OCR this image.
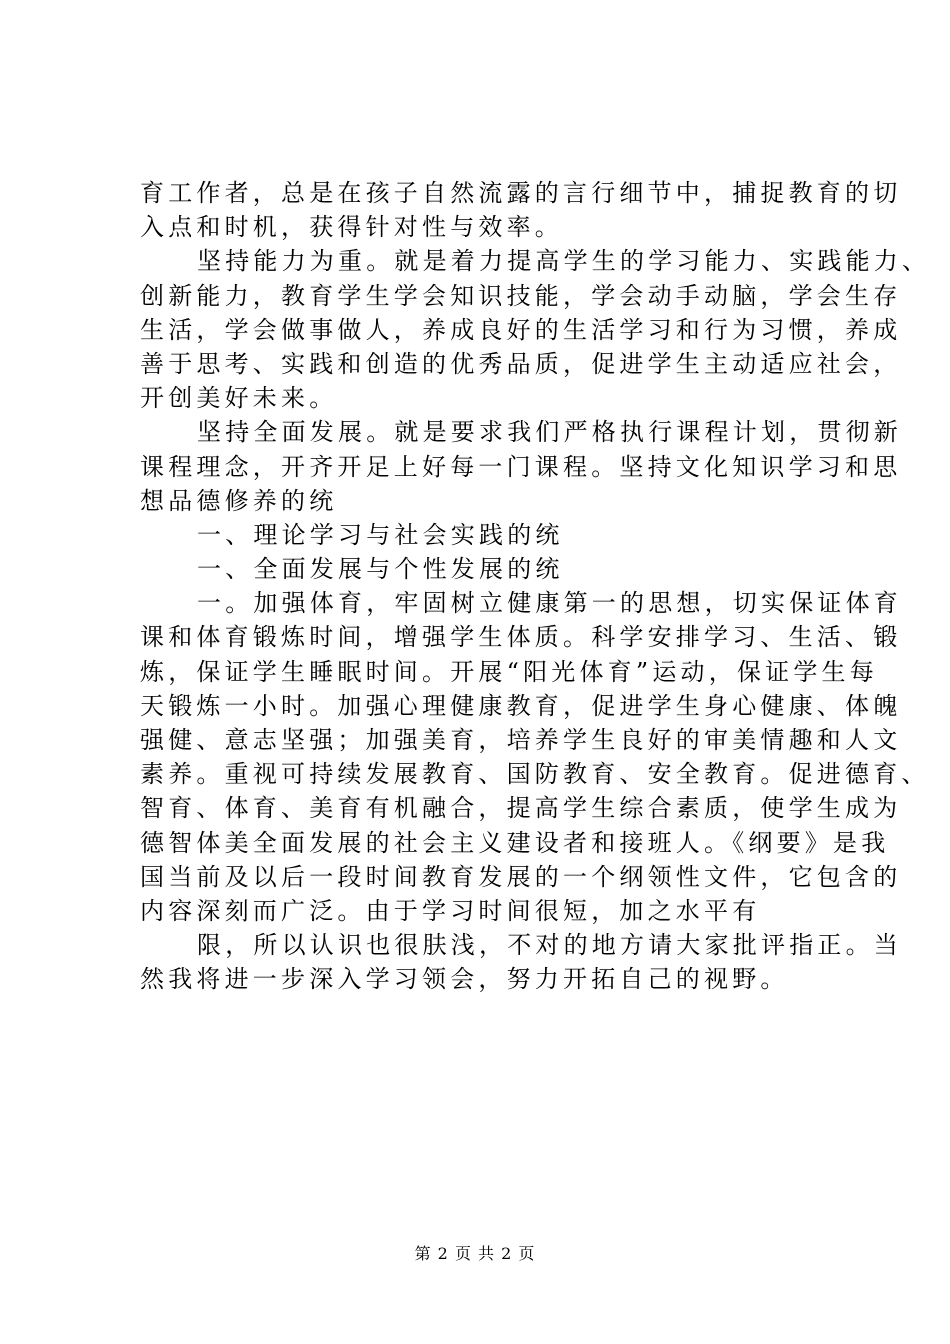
育工作者，总是在孩子自然流露的言行细节中，捕捉教育的切
入点和时机，获得针对性与效率。
坚持能力为重。就是着力提高学生的学习能力、实践能力、
创新能力，教育学生学会知识技能，学会动手动脑，学会生存
生活，学会做事做人，养成良好的生活学习和行为习惯，养成
善于思考、实践和创造的优秀品质，促进学生主动适应社会，
开创美好未来。
坚持全面发展。就是要求我们严格执行课程计划，贯彻新
课程理念，开齐开足上好每一门课程。坚持文化知识学习和思
想品德修养的统
一、理论学习与社会实践的统
一、全面发展与个性发展的统
一。加强体育，牢固树立健康第一的思想，切实保证体育
课和体育锻炼时间，增强学生体质。科学安排学习、生活、锻
炼，保证学生睡眠时间。开展“阳光体育”运动，保证学生每
天锻炼一小时。加强心理健康教育，促进学生身心健康、体魄
强健、意志坚强；加强美育，培养学生良好的审美情趣和人文
素养。重视可持续发展教育、国防教育、安全教育。促进德育、
智育、体育、美育有机融合，提高学生综合素质，使学生成为
德智体美全面发展的社会主义建设者和接班人。《纲要》是我
国当前及以后一段时间教育发展的一个纲领性文件，它包含的
内容深刻而广泛。由于学习时间很短，加之水平有
限，所以认识也很肤浅，不对的地方请大家批评指正。当
然我将进一步深入学习领会，努力开拓自己的视野。
第 2 页 共 2 页
